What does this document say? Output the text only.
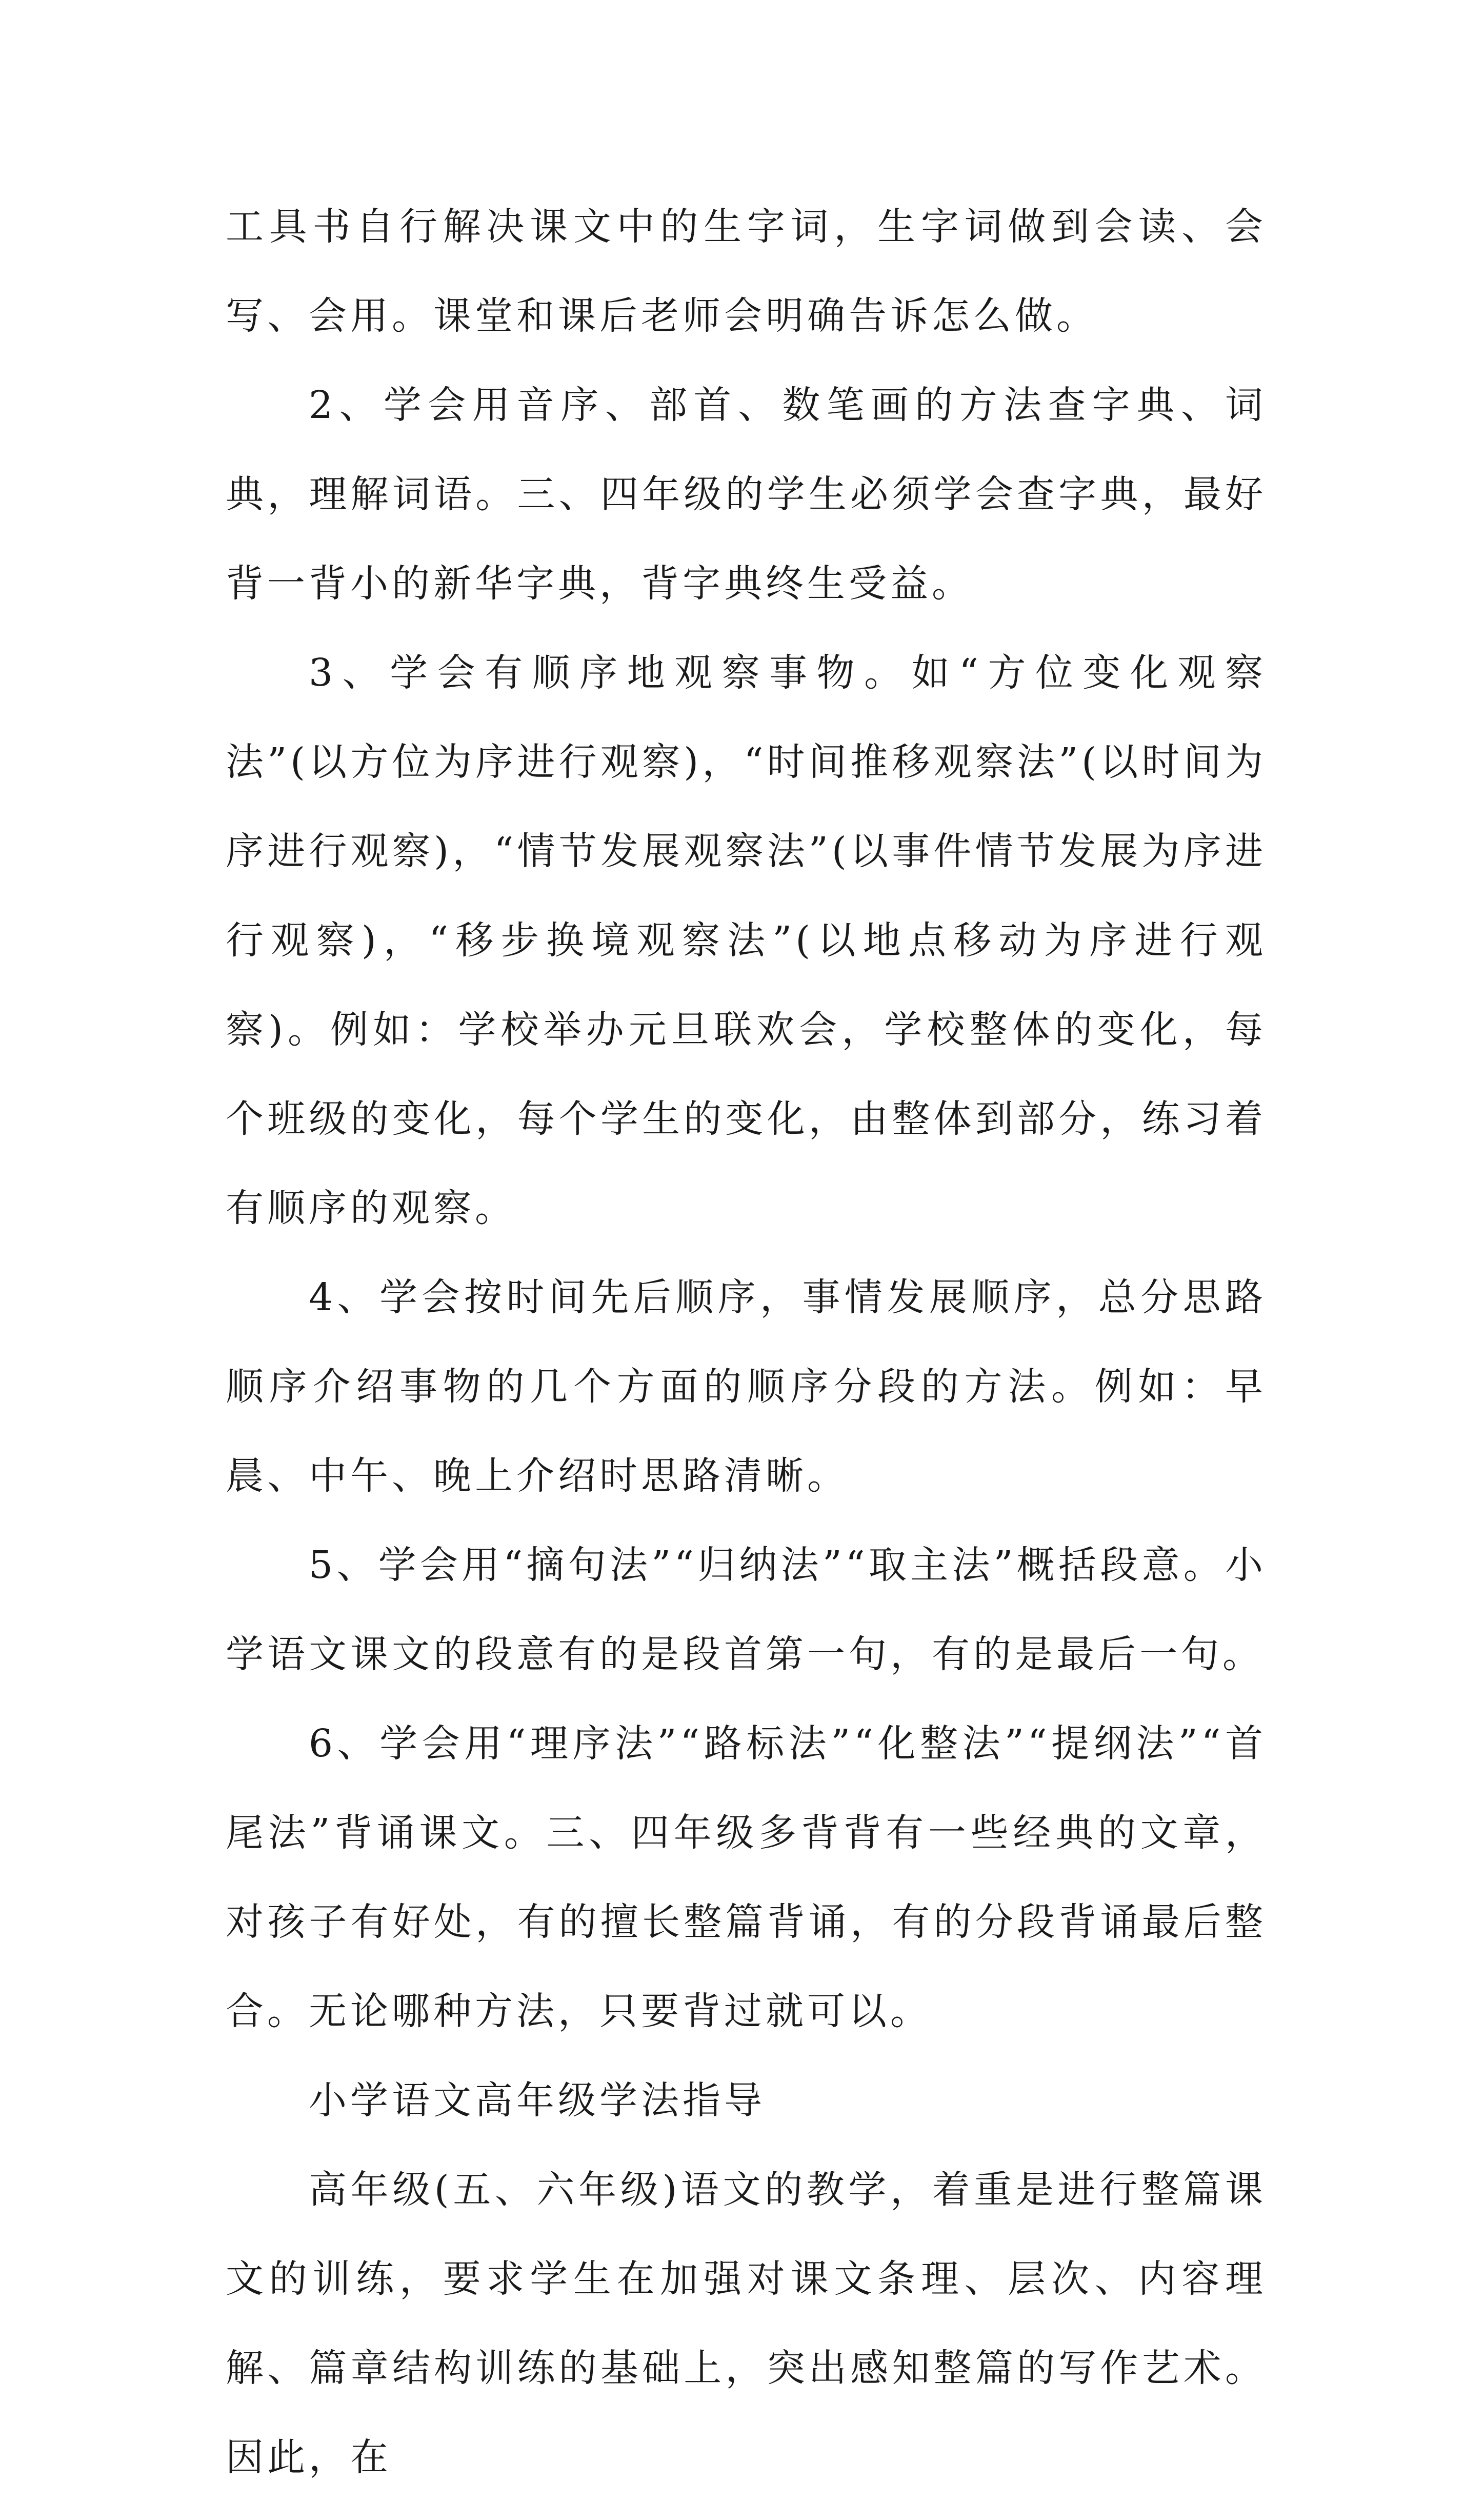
工具书自行解决课文中的生字词，生字词做到会读、会写、会用。课堂和课后老师会明确告诉怎么做。

2、学会用音序、部首、数笔画的方法查字典、词典，理解词语。三、四年级的学生必须学会查字典，最好背一背小的新华字典，背字典终生受益。

3、学会有顺序地观察事物。如“方位变化观察法”(以方位为序进行观察)，“时间推移观察法”(以时间为序进行观察)，“情节发展观察法”(以事件情节发展为序进行观察)，“移步换境观察法”(以地点移动为序进行观察)。例如：学校举办元旦联欢会，学校整体的变化，每个班级的变化，每个学生的变化，由整体到部分，练习着有顺序的观察。

4、学会按时间先后顺序，事情发展顺序，总分思路顺序介绍事物的几个方面的顺序分段的方法。例如：早晨、中午、晚上介绍时思路清晰。

5、学会用“摘句法”“归纳法”“取主法”概括段意。小学语文课文的段意有的是段首第一句，有的是最后一句。

6、学会用“理序法”“路标法”“化整法”“提纲法”“首尾法”背诵课文。三、四年级多背背有一些经典的文章，对孩子有好处，有的擅长整篇背诵，有的分段背诵最后整合。无论哪种方法，只要背过就可以。

小学语文高年级学法指导

高年级(五、六年级)语文的教学，着重是进行整篇课文的训练，要求学生在加强对课文条理、层次、内容理解、篇章结构训练的基础上，突出感知整篇的写作艺术。因此，在
